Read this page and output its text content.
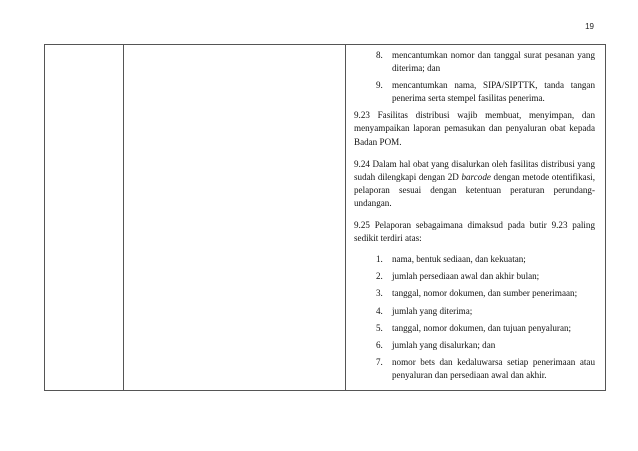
19

8.	mencantumkan nomor dan tanggal surat pesanan yang diterima; dan
9.	mencantumkan nama, SIPA/SIPTTK, tanda tangan penerima serta stempel fasilitas penerima.

9.23 Fasilitas distribusi wajib membuat, menyimpan, dan menyampaikan laporan pemasukan dan penyaluran obat kepada Badan POM.

9.24 Dalam hal obat yang disalurkan oleh fasilitas distribusi yang sudah dilengkapi dengan 2D barcode dengan metode otentifikasi, pelaporan sesuai dengan ketentuan peraturan perundang-undangan.

9.25 Pelaporan sebagaimana dimaksud pada butir 9.23 paling sedikit terdiri atas:

1.	nama, bentuk sediaan, dan kekuatan;
2.	jumlah persediaan awal dan akhir bulan;
3.	tanggal, nomor dokumen, dan sumber penerimaan;
4.	jumlah yang diterima;
5.	tanggal, nomor dokumen, dan tujuan penyaluran;
6.	jumlah yang disalurkan; dan
7.	nomor bets dan kedaluwarsa setiap penerimaan atau penyaluran dan persediaan awal dan akhir.
